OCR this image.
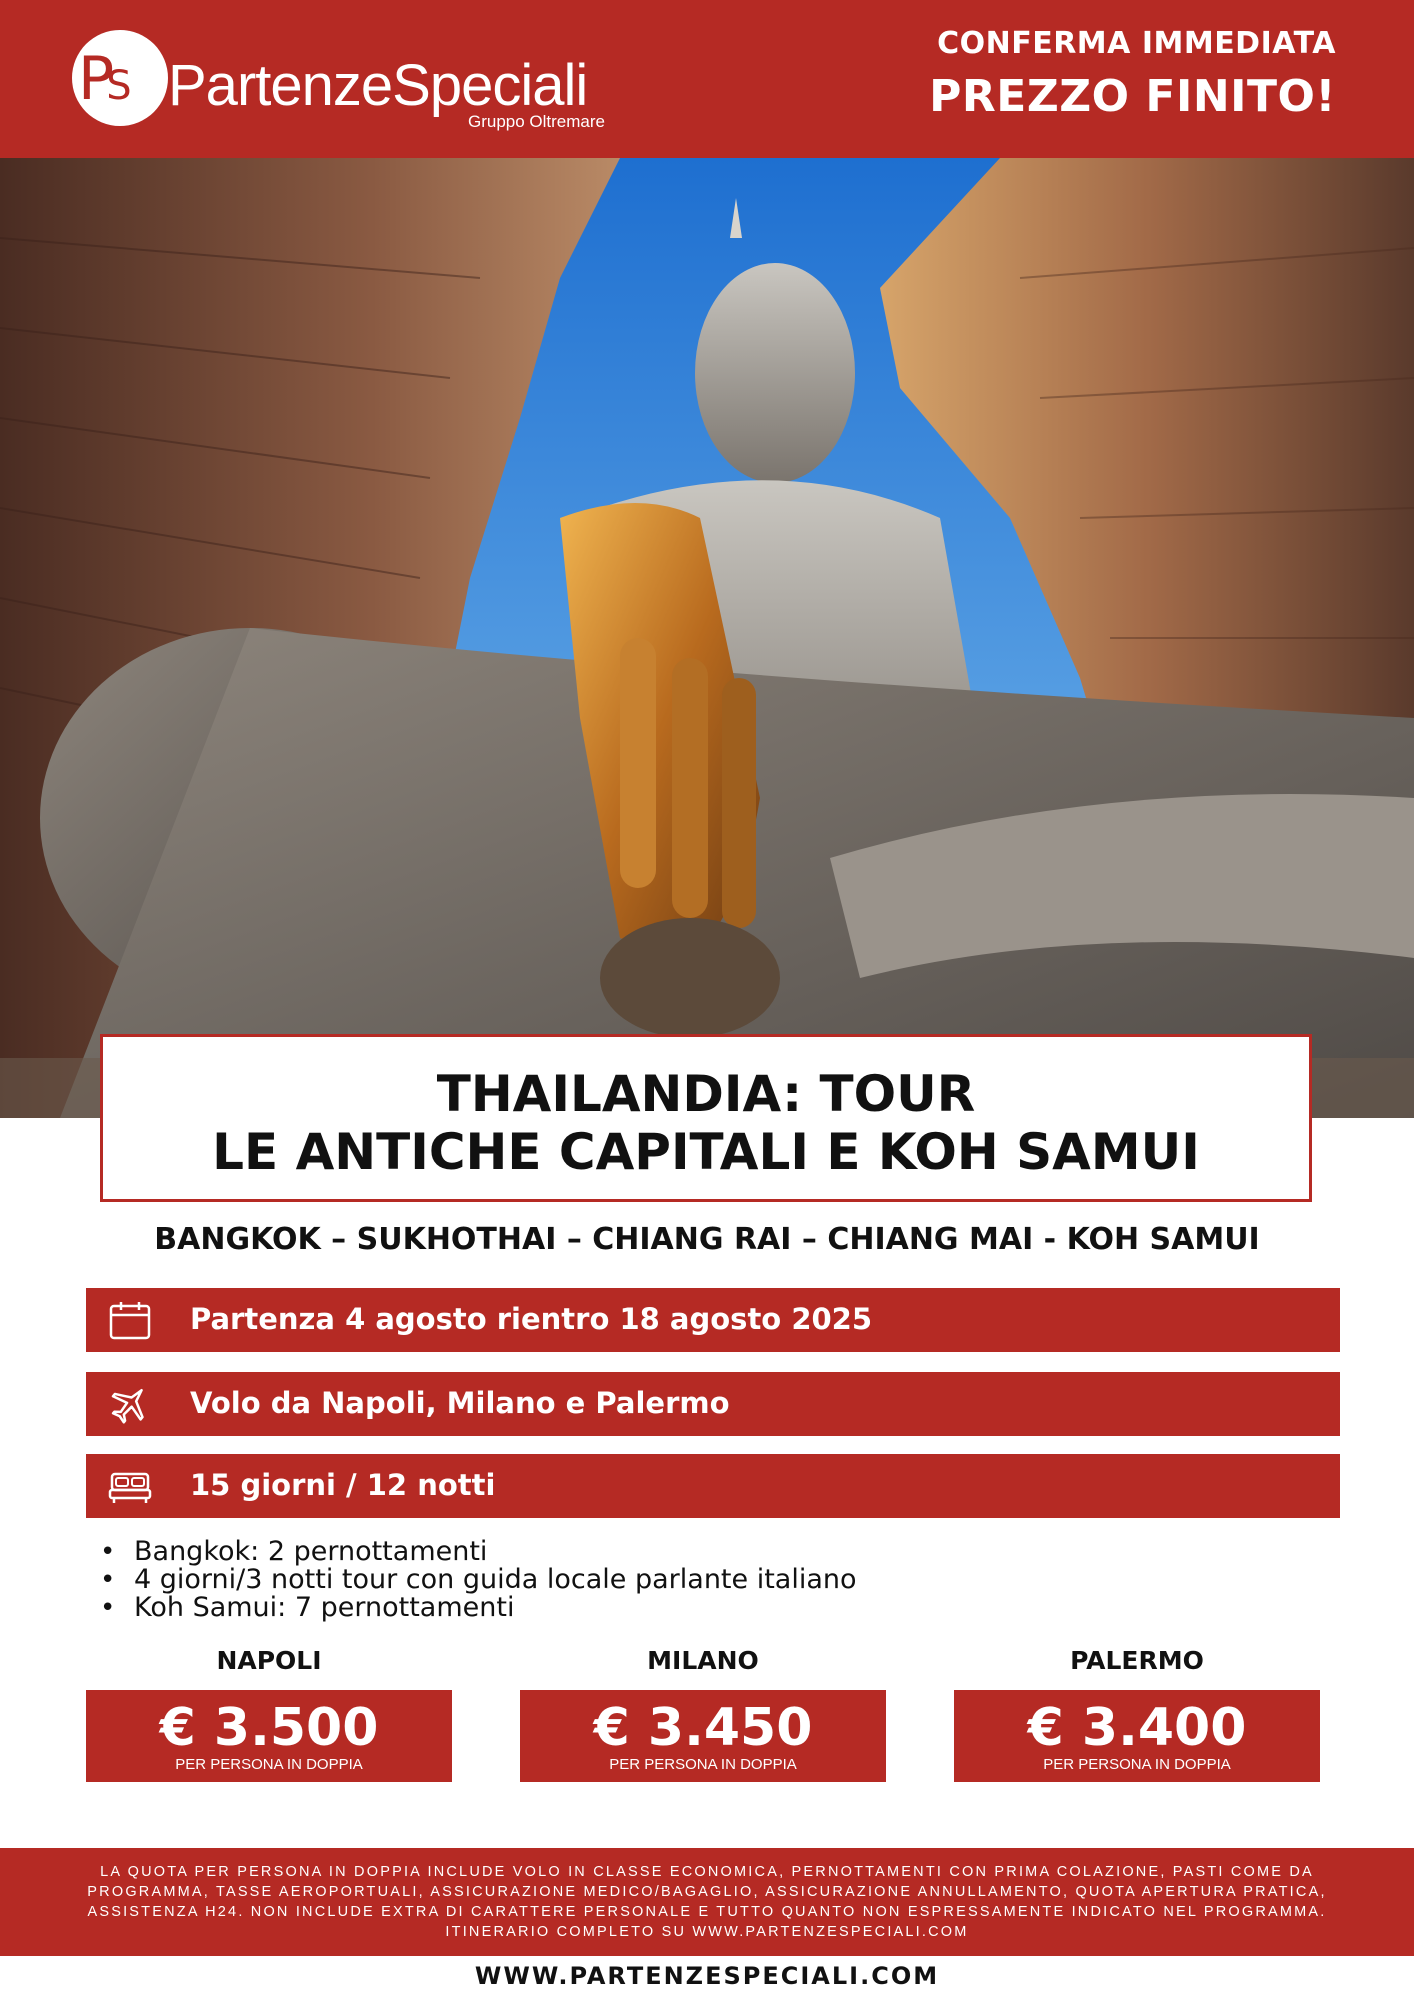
PS PartenzeSpeciali
Gruppo Oltremare
CONFERMA IMMEDIATA
PREZZO FINITO!
THAILANDIA: TOUR
LE ANTICHE CAPITALI E KOH SAMUI
BANGKOK – SUKHOTHAI – CHIANG RAI – CHIANG MAI - KOH SAMUI
Partenza 4 agosto rientro 18 agosto 2025
Volo da Napoli, Milano e Palermo
15 giorni / 12 notti
• Bangkok: 2 pernottamenti
• 4 giorni/3 notti tour con guida locale parlante italiano
• Koh Samui: 7 pernottamenti
NAPOLI
€ 3.500
PER PERSONA IN DOPPIA
MILANO
€ 3.450
PER PERSONA IN DOPPIA
PALERMO
€ 3.400
PER PERSONA IN DOPPIA
LA QUOTA PER PERSONA IN DOPPIA INCLUDE VOLO IN CLASSE ECONOMICA, PERNOTTAMENTI CON PRIMA COLAZIONE, PASTI COME DA PROGRAMMA, TASSE AEROPORTUALI, ASSICURAZIONE MEDICO/BAGAGLIO, ASSICURAZIONE ANNULLAMENTO, QUOTA APERTURA PRATICA, ASSISTENZA H24. NON INCLUDE EXTRA DI CARATTERE PERSONALE E TUTTO QUANTO NON ESPRESSAMENTE INDICATO NEL PROGRAMMA. ITINERARIO COMPLETO SU WWW.PARTENZESPECIALI.COM
WWW.PARTENZESPECIALI.COM
